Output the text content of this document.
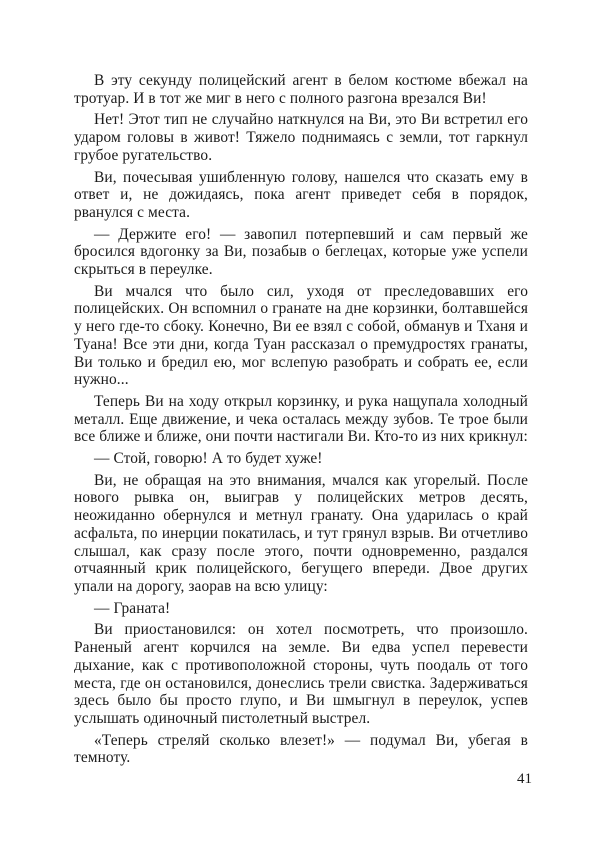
В эту секунду полицейский агент в белом костюме вбежал на тротуар. И в тот же миг в него с полного разгона врезался Ви!

Нет! Этот тип не случайно наткнулся на Ви, это Ви встретил его ударом головы в живот! Тяжело поднимаясь с земли, тот гаркнул грубое ругательство.

Ви, почесывая ушибленную голову, нашелся что сказать ему в ответ и, не дожидаясь, пока агент приведет себя в порядок, рванулся с места.

— Держите его! — завопил потерпевший и сам первый же бросился вдогонку за Ви, позабыв о беглецах, которые уже успели скрыться в переулке.

Ви мчался что было сил, уходя от преследовавших его полицейских. Он вспомнил о гранате на дне корзинки, болтавшейся у него где-то сбоку. Конечно, Ви ее взял с собой, обманув и Тханя и Туана! Все эти дни, когда Туан рассказал о премудростях гранаты, Ви только и бредил ею, мог вслепую разобрать и собрать ее, если нужно...

Теперь Ви на ходу открыл корзинку, и рука нащупала холодный металл. Еще движение, и чека осталась между зубов. Те трое были все ближе и ближе, они почти настигали Ви. Кто-то из них крикнул:

— Стой, говорю! А то будет хуже!

Ви, не обращая на это внимания, мчался как угорелый. После нового рывка он, выиграв у полицейских метров десять, неожиданно обернулся и метнул гранату. Она ударилась о край асфальта, по инерции покатилась, и тут грянул взрыв. Ви отчетливо слышал, как сразу после этого, почти одновременно, раздался отчаянный крик полицейского, бегущего впереди. Двое других упали на дорогу, заорав на всю улицу:

— Граната!

Ви приостановился: он хотел посмотреть, что произошло. Раненый агент корчился на земле. Ви едва успел перевести дыхание, как с противоположной стороны, чуть поодаль от того места, где он остановился, донеслись трели свистка. Задерживаться здесь было бы просто глупо, и Ви шмыгнул в переулок, успев услышать одиночный пистолетный выстрел.

«Теперь стреляй сколько влезет!» — подумал Ви, убегая в темноту.

41
